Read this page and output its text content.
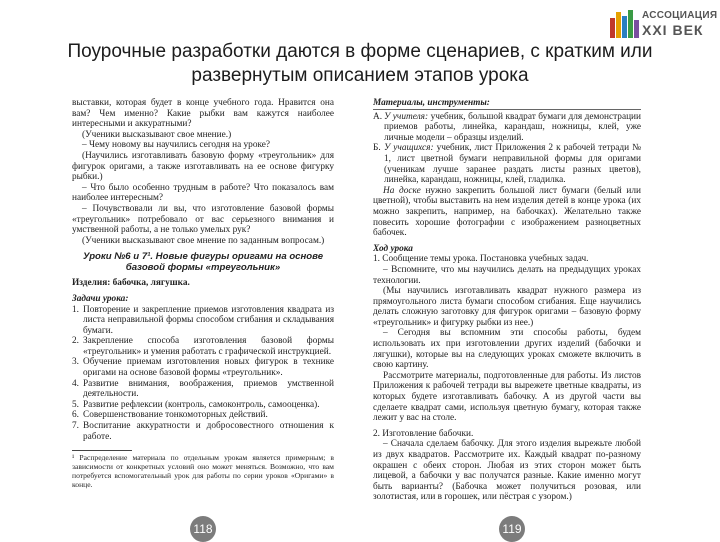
АССОЦИАЦИЯ
XXI ВЕК
Поурочные разработки даются в форме сценариев, с кратким или
развернутым описанием этапов урока

выставки, которая будет в конце учебного года. Нравится она вам? Чем именно? Какие рыбки вам кажутся наиболее интересными и аккуратными?

(Ученики высказывают свое мнение.)

– Чему новому вы научились сегодня на уроке?

(Научились изготавливать базовую форму «треугольник» для фигурок оригами, а также изготавливать на ее основе фигурку рыбки.)

– Что было особенно трудным в работе? Что показалось вам наиболее интересным?

– Почувствовали ли вы, что изготовление базовой формы «треугольник» потребовало от вас серьезного внимания и умственной работы, а не только умелых рук?

(Ученики высказывают свое мнение по заданным вопросам.)

Уроки №6 и 7¹. Новые фигуры оригами на основе базовой формы «треугольник»

Изделия: бабочка, лягушка.

Задачи урока:

1. Повторение и закрепление приемов изготовления квадрата из листа неправильной формы способом сгибания и складывания бумаги.
2. Закрепление способа изготовления базовой формы «треугольник» и умения работать с графической инструкцией.
3. Обучение приемам изготовления новых фигурок в технике оригами на основе базовой формы «треугольник».
4. Развитие внимания, воображения, приемов умственной деятельности.
5. Развитие рефлексии (контроль, самоконтроль, самооценка).
6. Совершенствование тонкомоторных действий.
7. Воспитание аккуратности и добросовестного отношения к работе.

¹ Распределение материала по отдельным урокам является примерным; в зависимости от конкретных условий оно может меняться. Возможно, что вам потребуется вспомогательный урок для работы по серии уроков «Оригами» в конце.

118

Материалы, инструменты:

А. У учителя: учебник, большой квадрат бумаги для демонстрации приемов работы, линейка, карандаш, ножницы, клей, уже личные модели – образцы изделий.
Б. У учащихся: учебник, лист Приложения 2 к рабочей тетради № 1, лист цветной бумаги неправильной формы для оригами (ученикам лучше заранее раздать листы разных цветов), линейка, карандаш, ножницы, клей, гладилка.

На доске нужно закрепить большой лист бумаги (белый или цветной), чтобы выставить на нем изделия детей в конце урока (их можно закрепить, например, на бабочках). Желательно также повесить хорошие фотографии с изображением разноцветных бабочек.

Ход урока

1. Сообщение темы урока. Постановка учебных задач.

– Вспомните, что мы научились делать на предыдущих уроках технологии.

(Мы научились изготавливать квадрат нужного размера из прямоугольного листа бумаги способом сгибания. Еще научились делать сложную заготовку для фигурок оригами – базовую форму «треугольник» и фигурку рыбки из нее.)

– Сегодня вы вспомним эти способы работы, будем использовать их при изготовлении других изделий (бабочки и лягушки), которые вы на следующих уроках сможете включить в свою картину.

Рассмотрите материалы, подготовленные для работы. Из листов Приложения к рабочей тетради вы вырежете цветные квадраты, из которых будете изготавливать бабочку. А из другой части вы сделаете квадрат сами, используя цветную бумагу, которая также лежит у вас на столе.

2. Изготовление бабочки.

– Сначала сделаем бабочку. Для этого изделия вырежьте любой из двух квадратов. Рассмотрите их. Каждый квадрат по-разному окрашен с обеих сторон. Любая из этих сторон может быть лицевой, а бабочки у вас получатся разные. Какие именно могут быть варианты? (Бабочка может получиться розовая, или золотистая, или в горошек, или пёстрая с узором.)

119
